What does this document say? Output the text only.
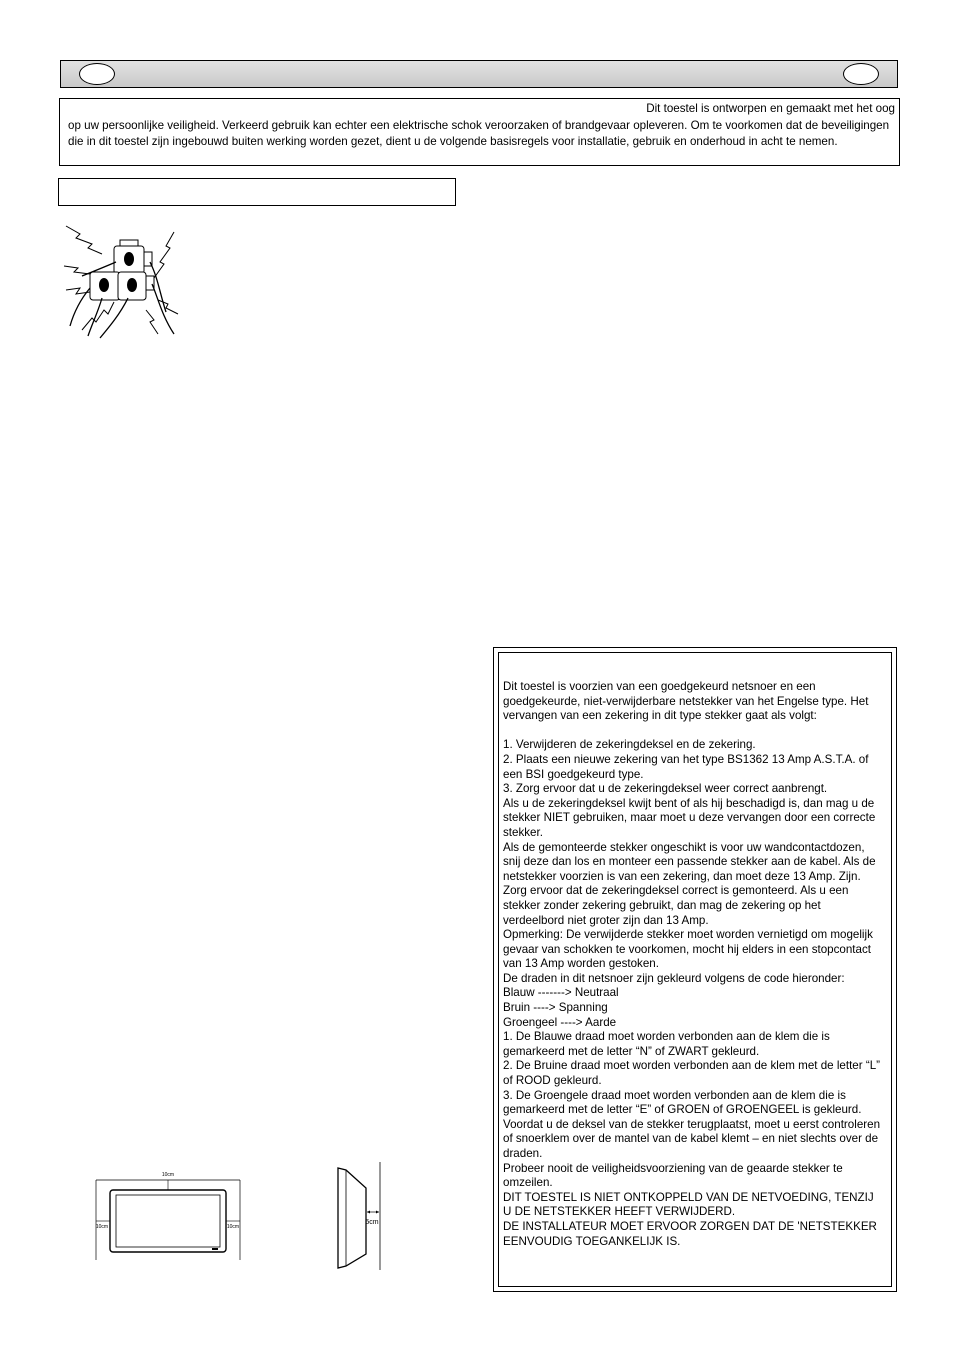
Dit toestel is ontworpen en gemaakt met het oog
op uw persoonlijke veiligheid. Verkeerd gebruik kan echter een elektrische schok veroorzaken of brandgevaar opleveren. Om te voorkomen dat de beveiligingen die in dit toestel zijn ingebouwd buiten werking worden gezet, dient u de volgende basisregels voor installatie, gebruik en onderhoud in acht te nemen.

Dit toestel is voorzien van een goedgekeurd netsnoer en een goedgekeurde, niet-verwijderbare netstekker van het Engelse type. Het vervangen van een zekering in dit type stekker gaat als volgt:

1. Verwijderen de zekeringdeksel en de zekering.

2. Plaats een nieuwe zekering van het type BS1362 13 Amp A.S.T.A. of een BSI goedgekeurd type.

3. Zorg ervoor dat u de zekeringdeksel weer correct aanbrengt.

Als u de zekeringdeksel kwijt bent of als hij beschadigd is, dan mag u de stekker NIET gebruiken, maar moet u deze vervangen door een correcte stekker.

Als de gemonteerde stekker ongeschikt is voor uw wandcontactdozen, snij deze dan los en monteer een passende stekker aan de kabel. Als de netstekker voorzien is van een zekering, dan moet deze 13 Amp. Zijn. Zorg ervoor dat de zekeringdeksel correct is gemonteerd. Als u een stekker zonder zekering gebruikt, dan mag de zekering op het verdeelbord niet groter zijn dan 13 Amp.

Opmerking: De verwijderde stekker moet worden vernietigd om mogelijk gevaar van schokken te voorkomen, mocht hij elders in een stopcontact van 13 Amp worden gestoken.

De draden in dit netsnoer zijn gekleurd volgens de code hieronder:

Blauw -------> Neutraal

Bruin ----> Spanning

Groengeel ----> Aarde

1. De Blauwe draad moet worden verbonden aan de klem die is gemarkeerd met de letter “N” of ZWART gekleurd.

2. De Bruine draad moet worden verbonden aan de klem met de letter “L” of ROOD gekleurd.

3. De Groengele draad moet worden verbonden aan de klem die is gemarkeerd met de letter “E” of GROEN of GROENGEEL is gekleurd.

Voordat u de deksel van de stekker terugplaatst, moet u eerst controleren of snoerklem over de mantel van de kabel klemt – en niet slechts over de draden.

Probeer nooit de veiligheidsvoorziening van de geaarde stekker te omzeilen.

DIT TOESTEL IS NIET ONTKOPPELD VAN DE NETVOEDING, TENZIJ U DE NETSTEKKER HEEFT VERWIJDERD.

DE INSTALLATEUR MOET ERVOOR ZORGEN DAT DE 'NETSTEKKER EENVOUDIG TOEGANKELIJK IS.

10cm
10cm	10cm
5cm
